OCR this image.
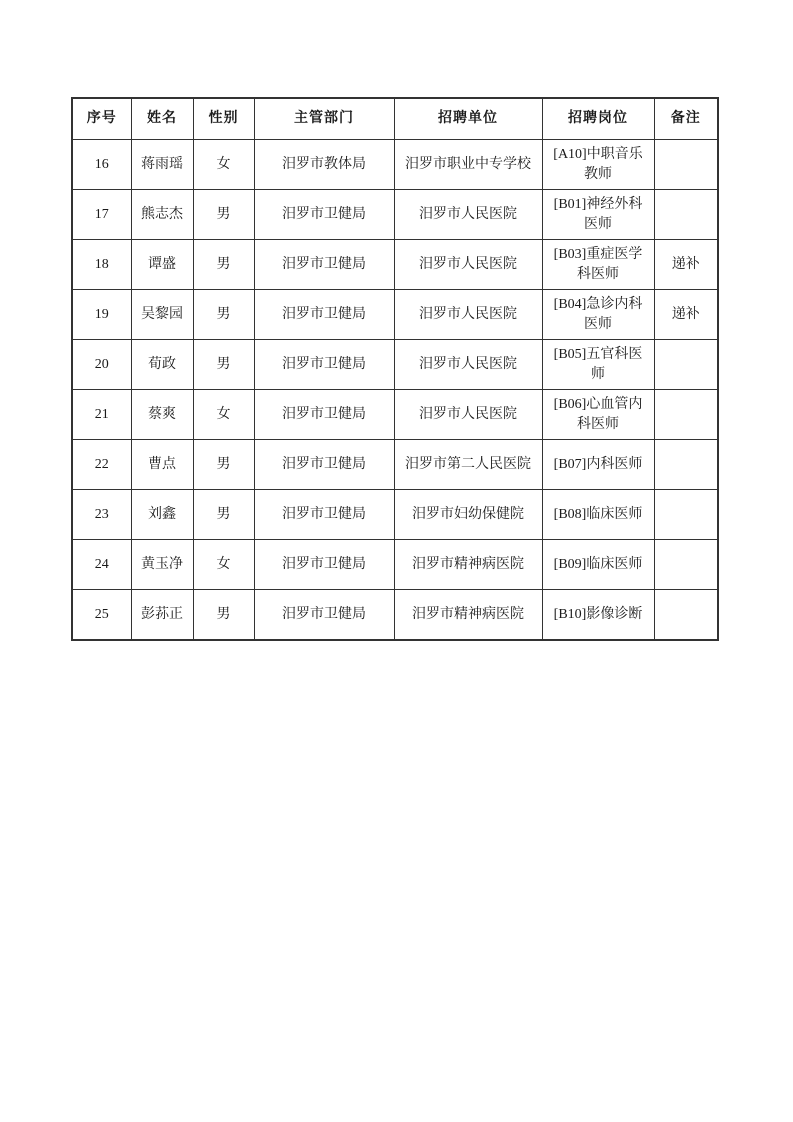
序号	姓名	性别	主管部门	招聘单位	招聘岗位	备注
16	蒋雨瑶	女	汨罗市教体局	汨罗市职业中专学校	[A10]中职音乐教师	
17	熊志杰	男	汨罗市卫健局	汨罗市人民医院	[B01]神经外科医师	
18	谭盛	男	汨罗市卫健局	汨罗市人民医院	[B03]重症医学科医师	递补
19	吴黎园	男	汨罗市卫健局	汨罗市人民医院	[B04]急诊内科医师	递补
20	荀政	男	汨罗市卫健局	汨罗市人民医院	[B05]五官科医师	
21	蔡爽	女	汨罗市卫健局	汨罗市人民医院	[B06]心血管内科医师	
22	曹点	男	汨罗市卫健局	汨罗市第二人民医院	[B07]内科医师	
23	刘鑫	男	汨罗市卫健局	汨罗市妇幼保健院	[B08]临床医师	
24	黄玉净	女	汨罗市卫健局	汨罗市精神病医院	[B09]临床医师	
25	彭荪正	男	汨罗市卫健局	汨罗市精神病医院	[B10]影像诊断	
